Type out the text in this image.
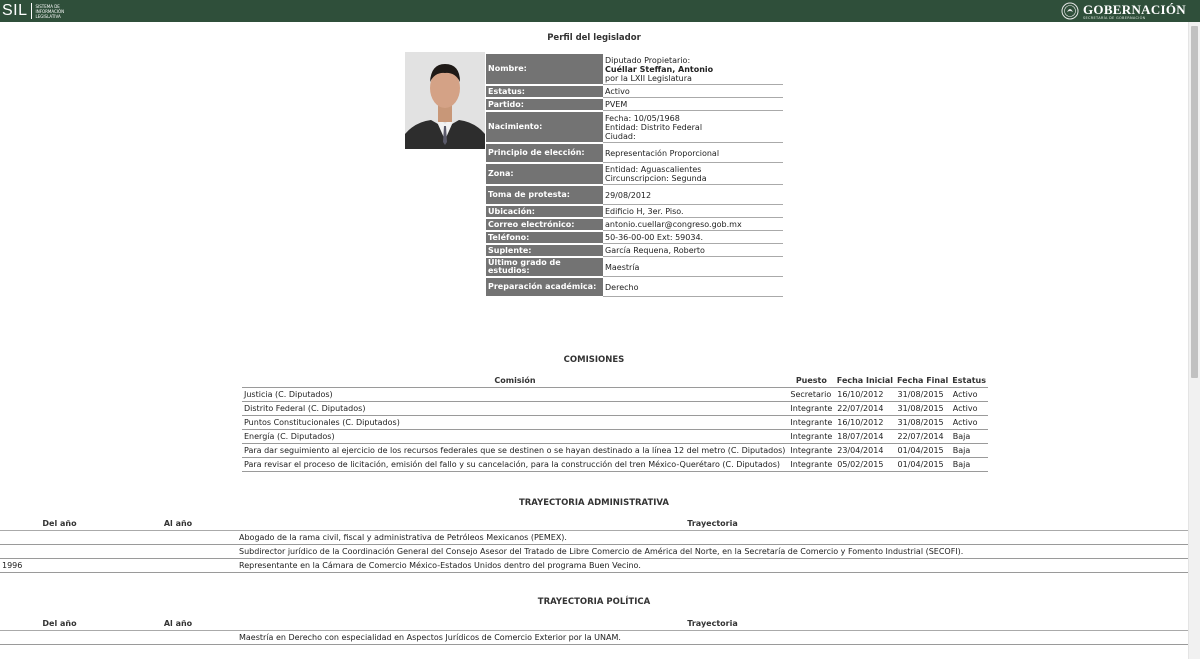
SIL SISTEMA DE INFORMACIÓN LEGISLATIVA	GOBERNACIÓN
SECRETARÍA DE GOBERNACIÓN
Perfil del legislador
Nombre:	Diputado Propietario:
Cuéllar Steffan, Antonio
por la LXII Legislatura

Estatus:	Activo

Partido:	PVEM

Nacimiento:	Fecha: 10/05/1968
Entidad: Distrito Federal
Ciudad:

Principio de elección:	Representación Proporcional

Zona:	Entidad: Aguascalientes
Circunscripcion: Segunda

Toma de protesta:	29/08/2012

Ubicación:	Edificio H, 3er. Piso.

Correo electrónico:	antonio.cuellar@congreso.gob.mx

Teléfono:	50-36-00-00 Ext: 59034.

Suplente:	García Requena, Roberto

Último grado de estudios:	Maestría

Preparación académica:	Derecho
COMISIONES
Comisión	Puesto	Fecha Inicial	Fecha Final	Estatus
Justicia (C. Diputados)	Secretario	16/10/2012	31/08/2015	Activo
Distrito Federal (C. Diputados)	Integrante	22/07/2014	31/08/2015	Activo
Puntos Constitucionales (C. Diputados)	Integrante	16/10/2012	31/08/2015	Activo
Energía (C. Diputados)	Integrante	18/07/2014	22/07/2014	Baja
Para dar seguimiento al ejercicio de los recursos federales que se destinen o se hayan destinado a la línea 12 del metro (C. Diputados)	Integrante	23/04/2014	01/04/2015	Baja
Para revisar el proceso de licitación, emisión del fallo y su cancelación, para la construcción del tren México-Querétaro (C. Diputados)	Integrante	05/02/2015	01/04/2015	Baja
TRAYECTORIA ADMINISTRATIVA
Del año	Al año	Trayectoria
		Abogado de la rama civil, fiscal y administrativa de Petróleos Mexicanos (PEMEX).
		Subdirector jurídico de la Coordinación General del Consejo Asesor del Tratado de Libre Comercio de América del Norte, en la Secretaría de Comercio y Fomento Industrial (SECOFI).
1996		Representante en la Cámara de Comercio México-Estados Unidos dentro del programa Buen Vecino.
TRAYECTORIA POLÍTICA
Del año	Al año	Trayectoria
		Maestría en Derecho con especialidad en Aspectos Jurídicos de Comercio Exterior por la UNAM.
